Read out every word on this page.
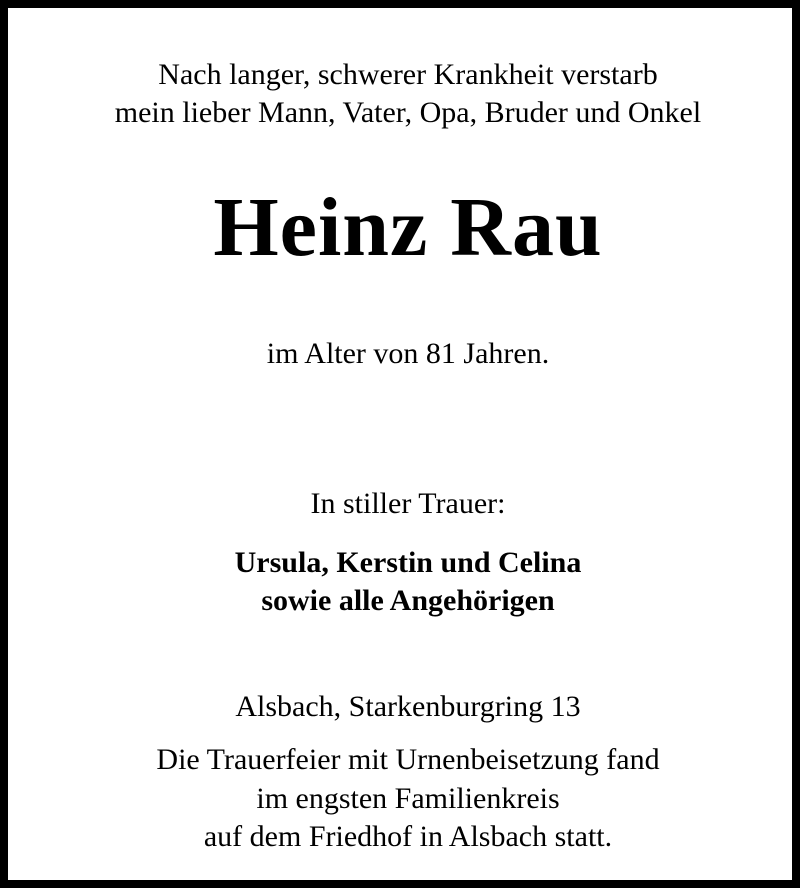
Nach langer, schwerer Krankheit verstarb
mein lieber Mann, Vater, Opa, Bruder und Onkel
Heinz Rau
im Alter von 81 Jahren.
In stiller Trauer:
Ursula, Kerstin und Celina
sowie alle Angehörigen
Alsbach, Starkenburgring 13
Die Trauerfeier mit Urnenbeisetzung fand
im engsten Familienkreis
auf dem Friedhof in Alsbach statt.
